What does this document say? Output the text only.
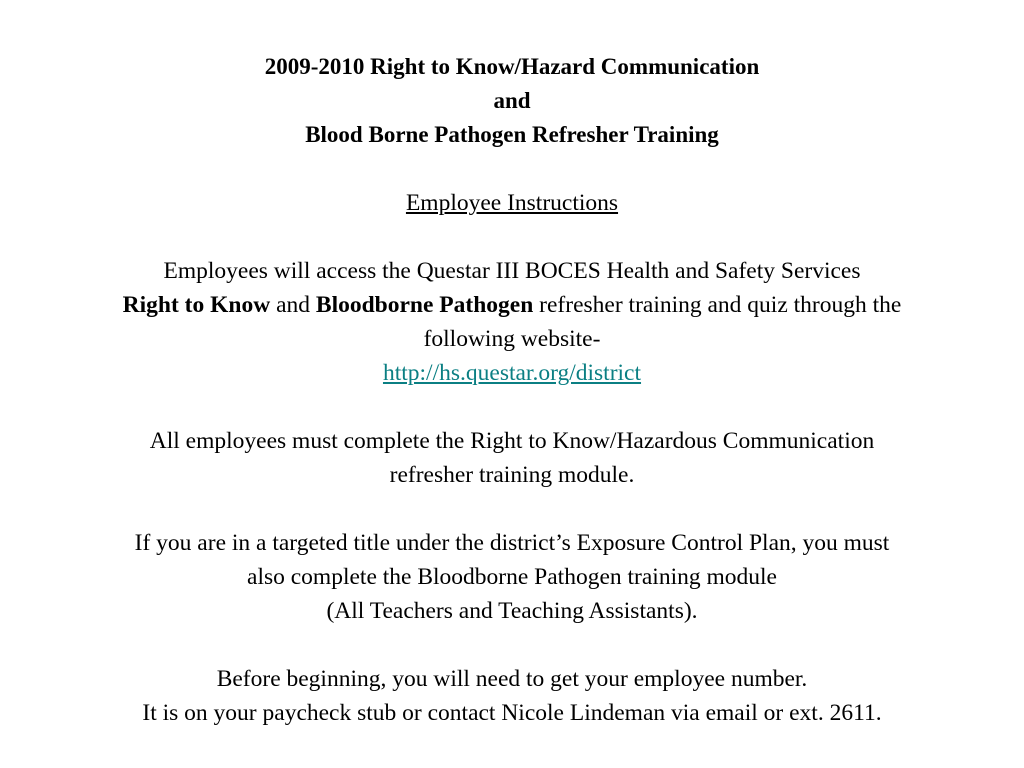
2009-2010 Right to Know/Hazard Communication
and
Blood Borne Pathogen Refresher Training
Employee Instructions
Employees will access the Questar III BOCES Health and Safety Services
Right to Know and Bloodborne Pathogen refresher training and quiz through the
following website-
http://hs.questar.org/district
All employees must complete the Right to Know/Hazardous Communication
refresher training module.
If you are in a targeted title under the district’s Exposure Control Plan, you must
also complete the Bloodborne Pathogen training module
(All Teachers and Teaching Assistants).
Before beginning, you will need to get your employee number.
It is on your paycheck stub or contact Nicole Lindeman via email or ext. 2611.
